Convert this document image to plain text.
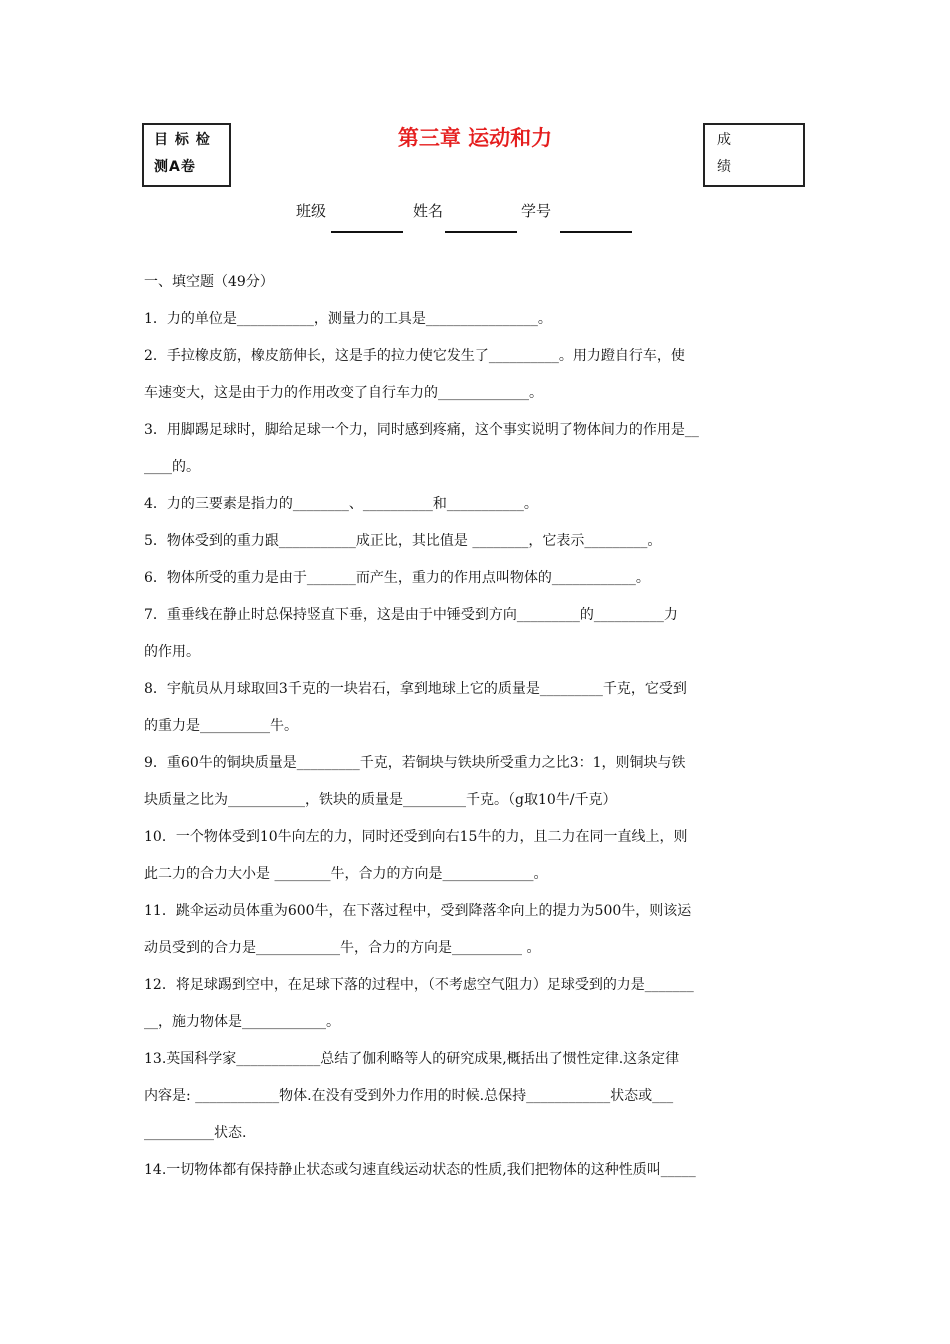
目 标 检
测A卷
第三章 运动和力	成
绩
班级	姓名	学号

一、填空题（49分）

1．力的单位是___________，测量力的工具是________________。

2．手拉橡皮筋，橡皮筋伸长，这是手的拉力使它发生了__________。用力蹬自行车，使

车速变大，这是由于力的作用改变了自行车力的_____________。

3．用脚踢足球时，脚给足球一个力，同时感到疼痛，这个事实说明了物体间力的作用是__

____的。

4．力的三要素是指力的________、__________和___________。

5．物体受到的重力跟___________成正比，其比值是 ________，它表示_________。

6．物体所受的重力是由于_______而产生，重力的作用点叫物体的____________。

7．重垂线在静止时总保持竖直下垂，这是由于中锤受到方向_________的__________力

的作用。

8．宇航员从月球取回3千克的一块岩石，拿到地球上它的质量是_________千克，它受到

的重力是__________牛。

9．重60牛的铜块质量是_________千克，若铜块与铁块所受重力之比3：1，则铜块与铁

块质量之比为___________，铁块的质量是_________千克。（g取10牛/千克）

10．一个物体受到10牛向左的力，同时还受到向右15牛的力，且二力在同一直线上，则

此二力的合力大小是 ________牛，合力的方向是_____________。

11．跳伞运动员体重为600牛，在下落过程中，受到降落伞向上的提力为500牛，则该运

动员受到的合力是____________牛，合力的方向是__________ 。

12．将足球踢到空中，在足球下落的过程中，（不考虑空气阻力）足球受到的力是_______

__，施力物体是____________。

13.英国科学家____________总结了伽利略等人的研究成果,概括出了惯性定律.这条定律

内容是: ____________物体.在没有受到外力作用的时候.总保持____________状态或___

__________状态.

14.一切物体都有保持静止状态或匀速直线运动状态的性质,我们把物体的这种性质叫_____
